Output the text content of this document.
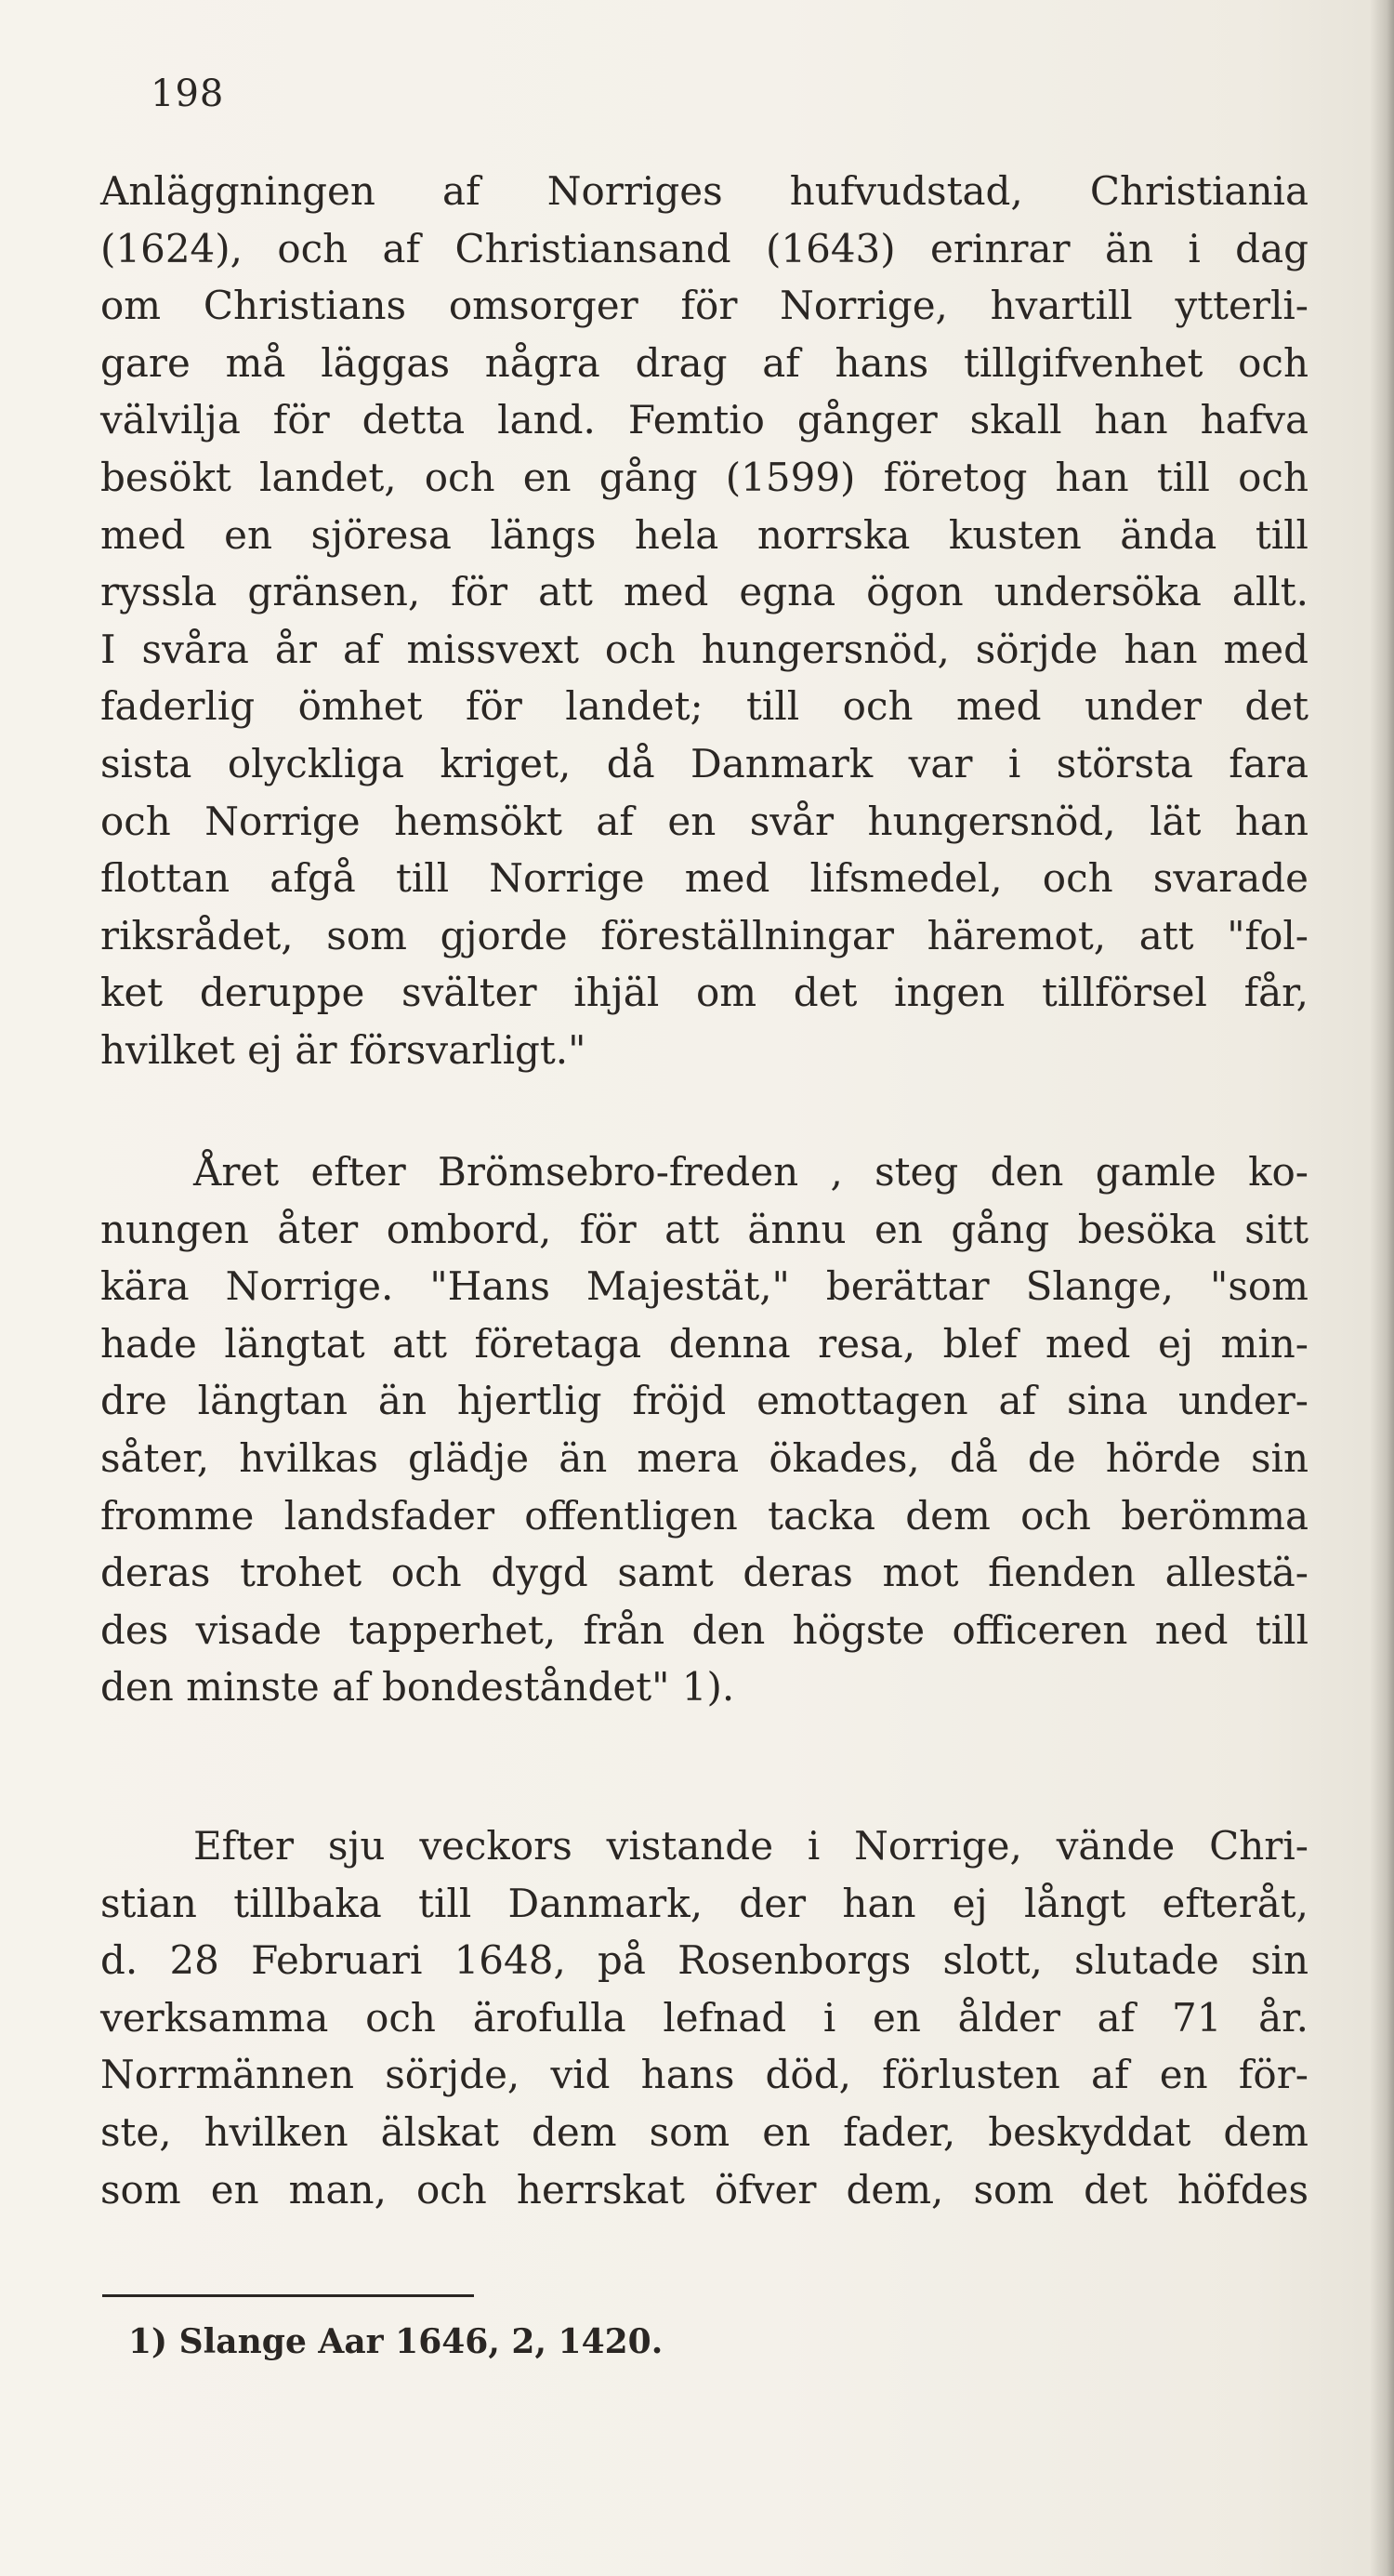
198
Anläggningen af Norriges hufvudstad, Christiania
(1624), och af Christiansand (1643) erinrar än i dag
om Christians omsorger för Norrige, hvartill ytterli-
gare må läggas några drag af hans tillgifvenhet och
välvilja för detta land. Femtio gånger skall han hafva
besökt landet, och en gång (1599) företog han till och
med en sjöresa längs hela norrska kusten ända till
ryssla gränsen, för att med egna ögon undersöka allt.
I svåra år af missvext och hungersnöd, sörjde han med
faderlig ömhet för landet; till och med under det
sista olyckliga kriget, då Danmark var i största fara
och Norrige hemsökt af en svår hungersnöd, lät han
flottan afgå till Norrige med lifsmedel, och svarade
riksrådet, som gjorde föreställningar häremot, att "fol-
ket deruppe svälter ihjäl om det ingen tillförsel får,
hvilket ej är försvarligt."
Året efter Brömsebro-freden , steg den gamle ko-
nungen åter ombord, för att ännu en gång besöka sitt
kära Norrige. "Hans Majestät," berättar Slange, "som
hade längtat att företaga denna resa, blef med ej min-
dre längtan än hjertlig fröjd emottagen af sina under-
såter, hvilkas glädje än mera ökades, då de hörde sin
fromme landsfader offentligen tacka dem och berömma
deras trohet och dygd samt deras mot fienden allestä-
des visade tapperhet, från den högste officeren ned till
den minste af bondeståndet" 1).
Efter sju veckors vistande i Norrige, vände Chri-
stian tillbaka till Danmark, der han ej långt efteråt,
d. 28 Februari 1648, på Rosenborgs slott, slutade sin
verksamma och ärofulla lefnad i en ålder af 71 år.
Norrmännen sörjde, vid hans död, förlusten af en för-
ste, hvilken älskat dem som en fader, beskyddat dem
som en man, och herrskat öfver dem, som det höfdes
1) Slange Aar 1646, 2, 1420.
